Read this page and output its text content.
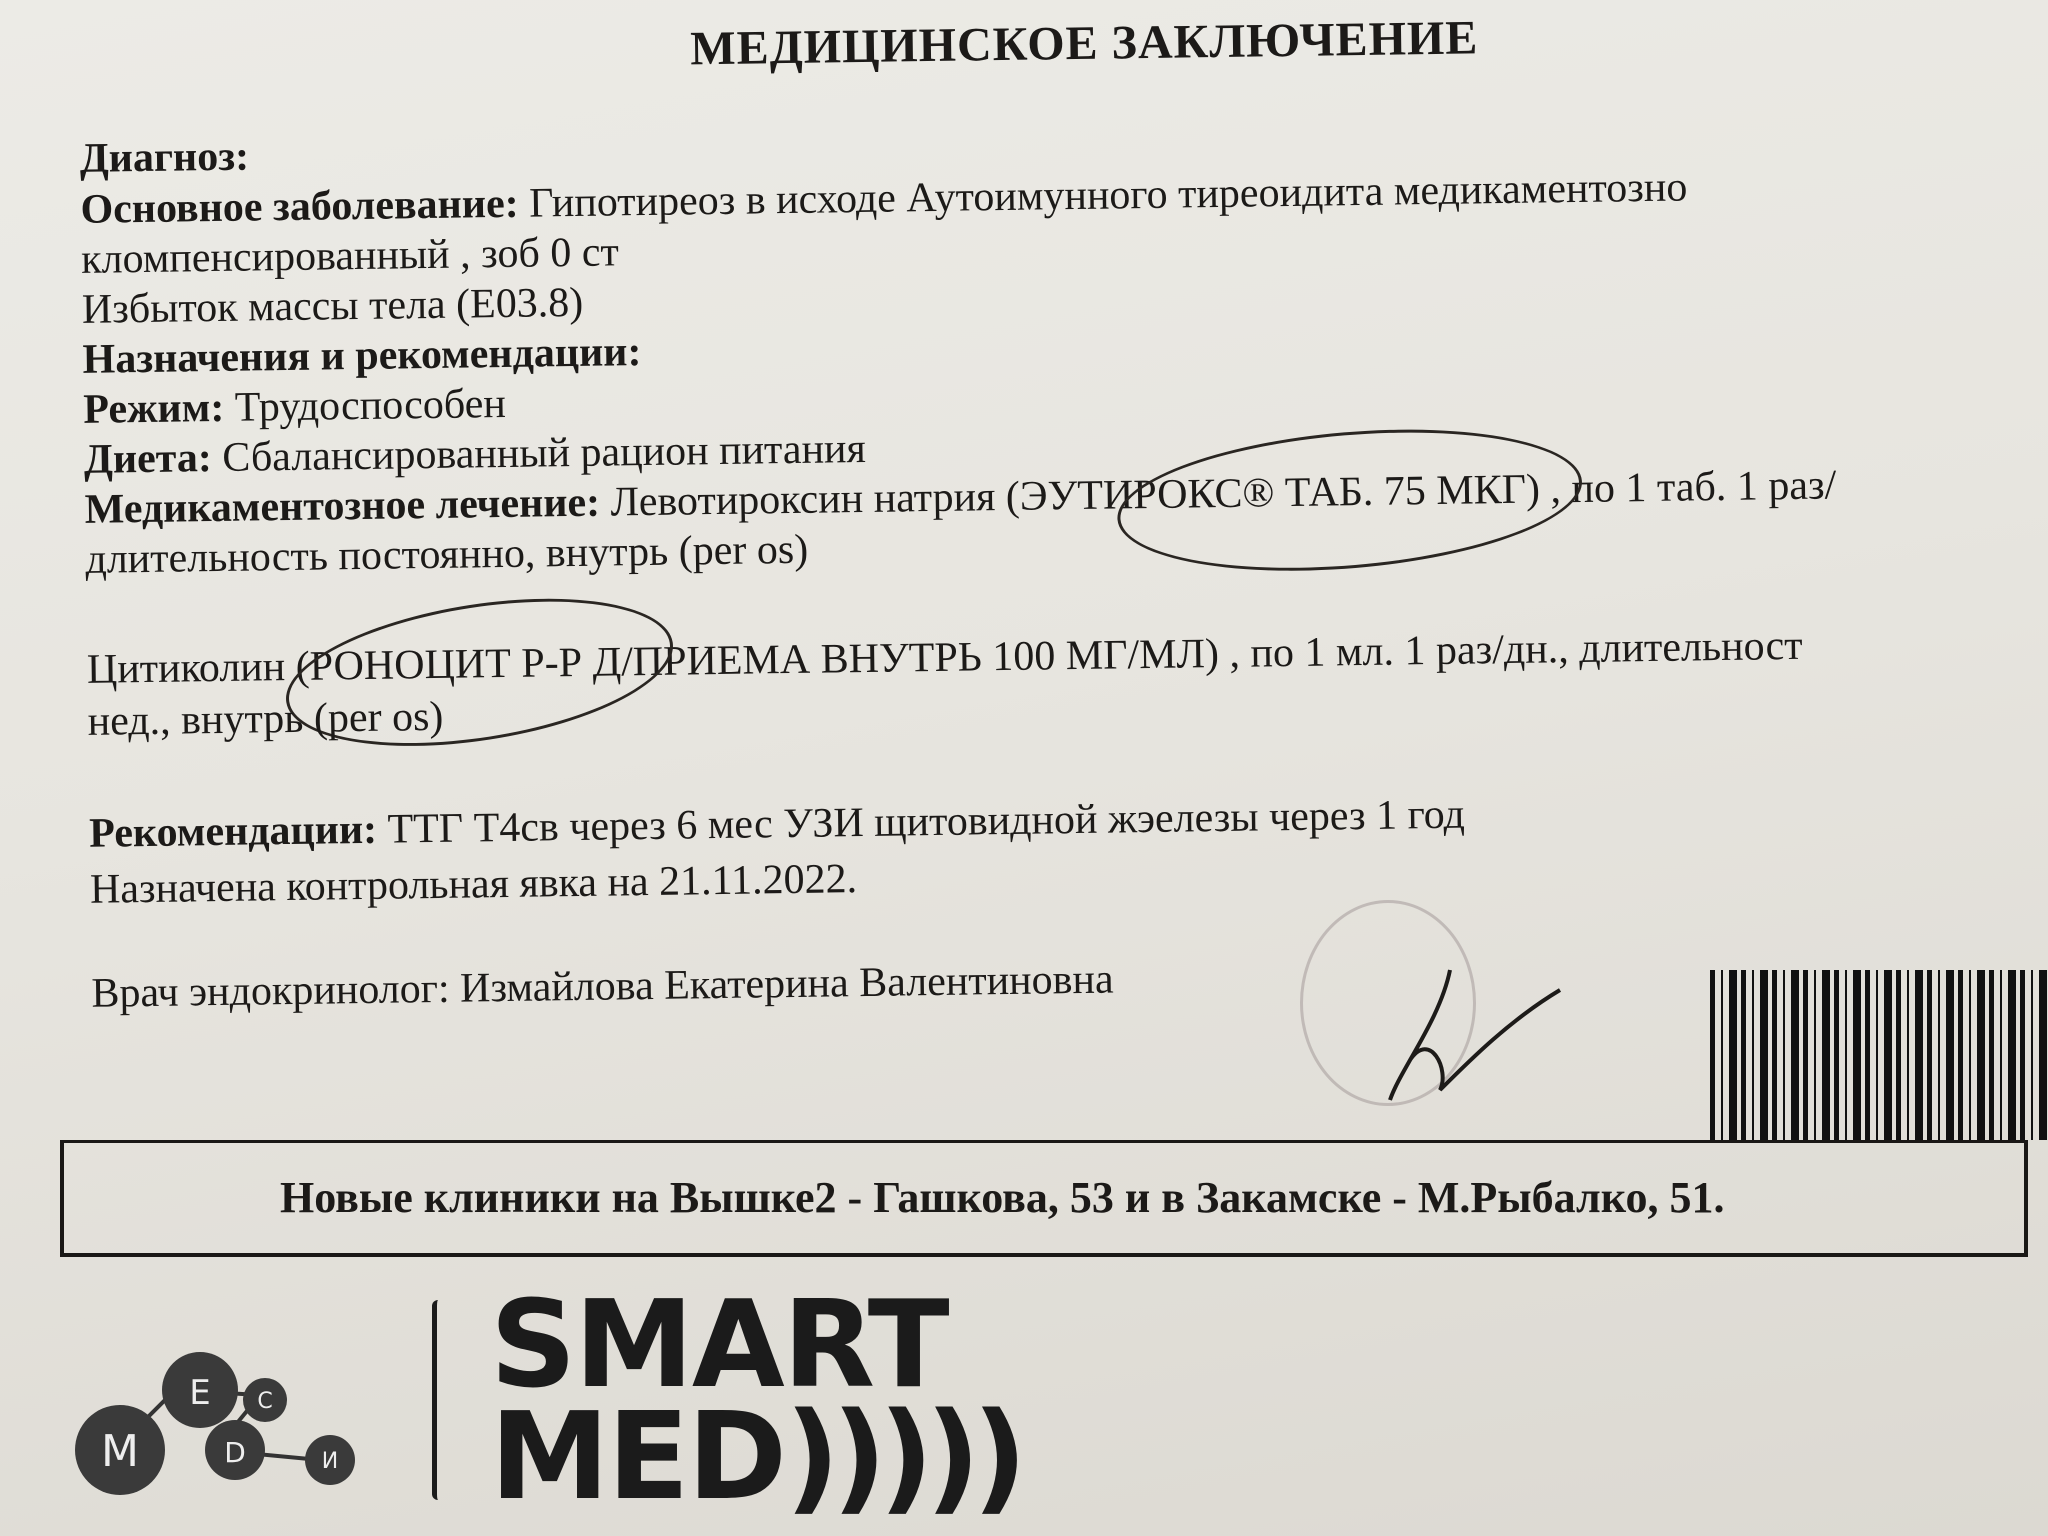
МЕДИЦИНСКОЕ ЗАКЛЮЧЕНИЕ
Диагноз:
Основное заболевание: Гипотиреоз в исходе Аутоимунного тиреоидита медикаментозно
кломпенсированный , зоб 0 ст
Избыток массы тела (E03.8)
Назначения и рекомендации:
Режим: Трудоспособен
Диета: Сбалансированный рацион питания
Медикаментозное лечение: Левотироксин натрия (ЭУТИРОКС® ТАБ. 75 МКГ) , по 1 таб. 1 раз/
длительность постоянно, внутрь (per os)
Цитиколин (РОНОЦИТ Р-Р Д/ПРИЕМА ВНУТРЬ 100 МГ/МЛ) , по 1 мл. 1 раз/дн., длительност
нед., внутрь (per os)
Рекомендации: ТТГ Т4св через 6 мес УЗИ щитовидной жэелезы через 1 год
Назначена контрольная явка на 21.11.2022.
Врач эндокринолог: Измайлова Екатерина Валентиновна
Новые клиники на Вышке2 - Гашкова, 53 и в Закамске - М.Рыбалко, 51.
M
E
D
C
И
SMART
MED)))))
